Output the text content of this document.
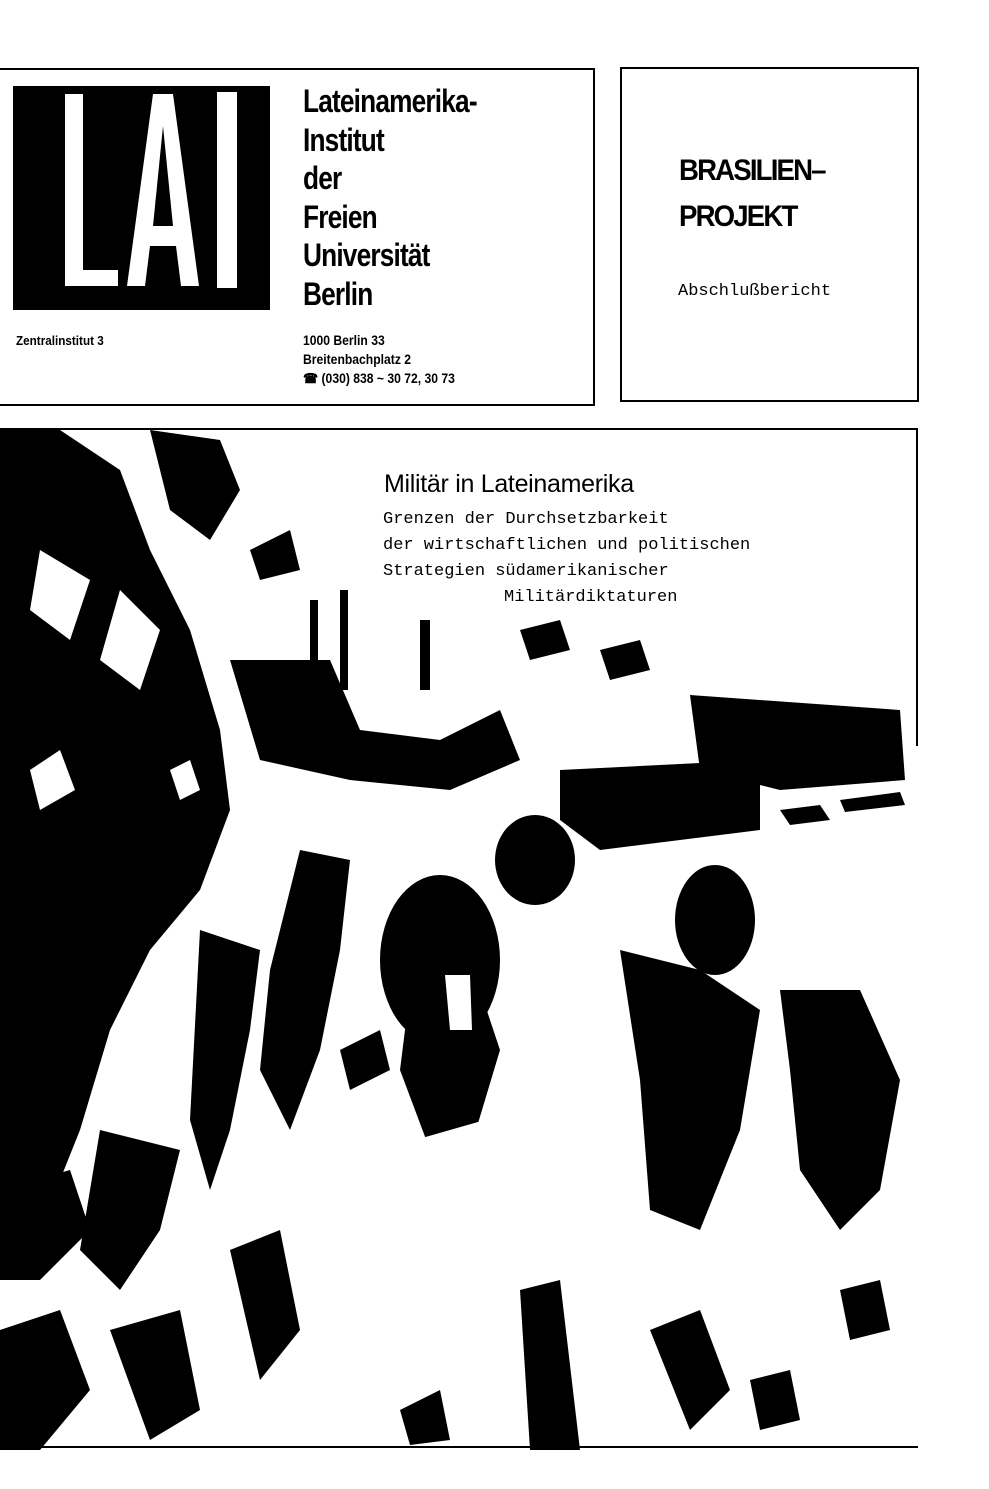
Lateinamerika-
Institut
der
Freien
Universität
Berlin
Zentralinstitut 3	1000 Berlin 33
Breitenbachplatz 2
☎ (030) 838 ~ 30 72, 30 73
BRASILIEN–
PROJEKT
Abschlußbericht
Militär in Lateinamerika
Grenzen der Durchsetzbarkeit
der wirtschaftlichen und politischen
Strategien südamerikanischer
Militärdiktaturen
